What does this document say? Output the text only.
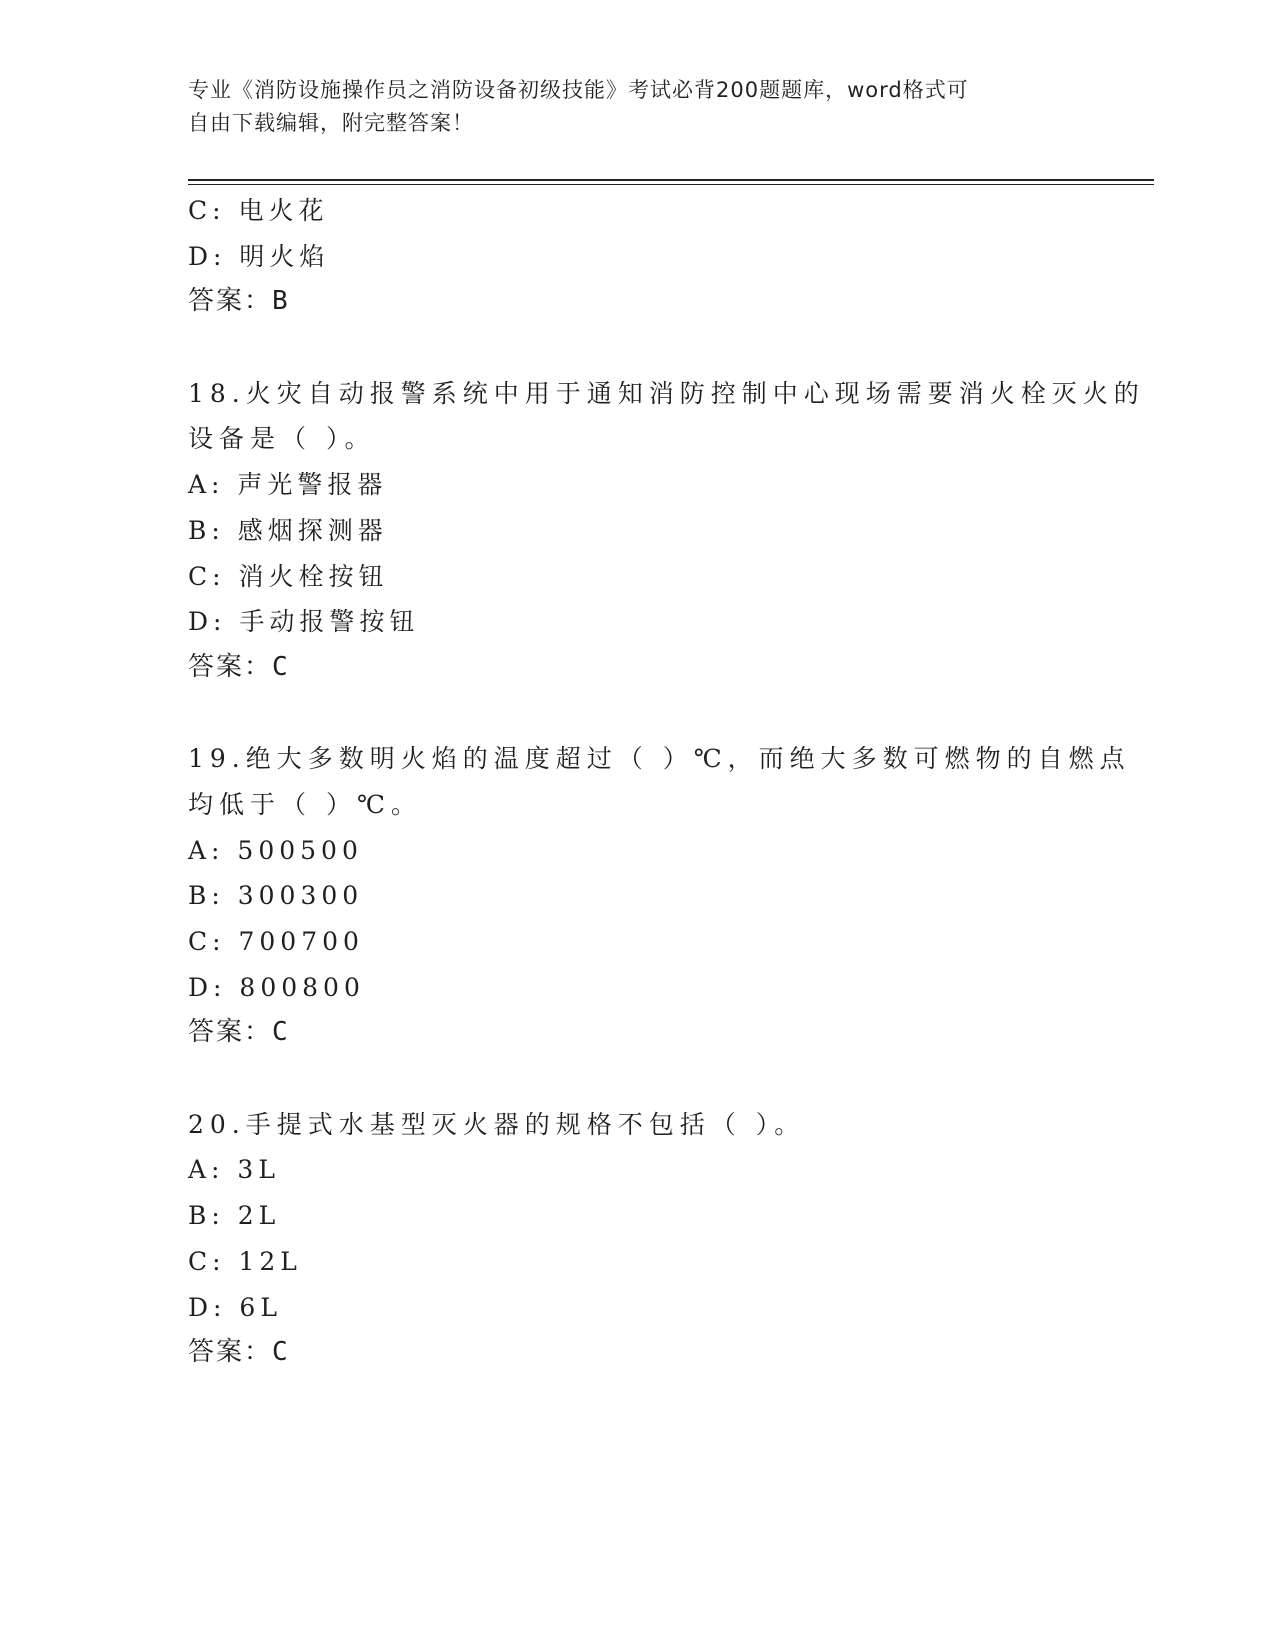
专业《消防设施操作员之消防设备初级技能》考试必背200题题库，word格式可
自由下载编辑，附完整答案！
C: 电火花
D: 明火焰
答案：B
18.火灾自动报警系统中用于通知消防控制中心现场需要消火栓灭火的
设备是（ ）。
A: 声光警报器
B: 感烟探测器
C: 消火栓按钮
D: 手动报警按钮
答案：C
19.绝大多数明火焰的温度超过（ ）℃，而绝大多数可燃物的自燃点
均低于（ ）℃。
A: 500500
B: 300300
C: 700700
D: 800800
答案：C
20.手提式水基型灭火器的规格不包括（ ）。
A: 3L
B: 2L
C: 12L
D: 6L
答案：C
